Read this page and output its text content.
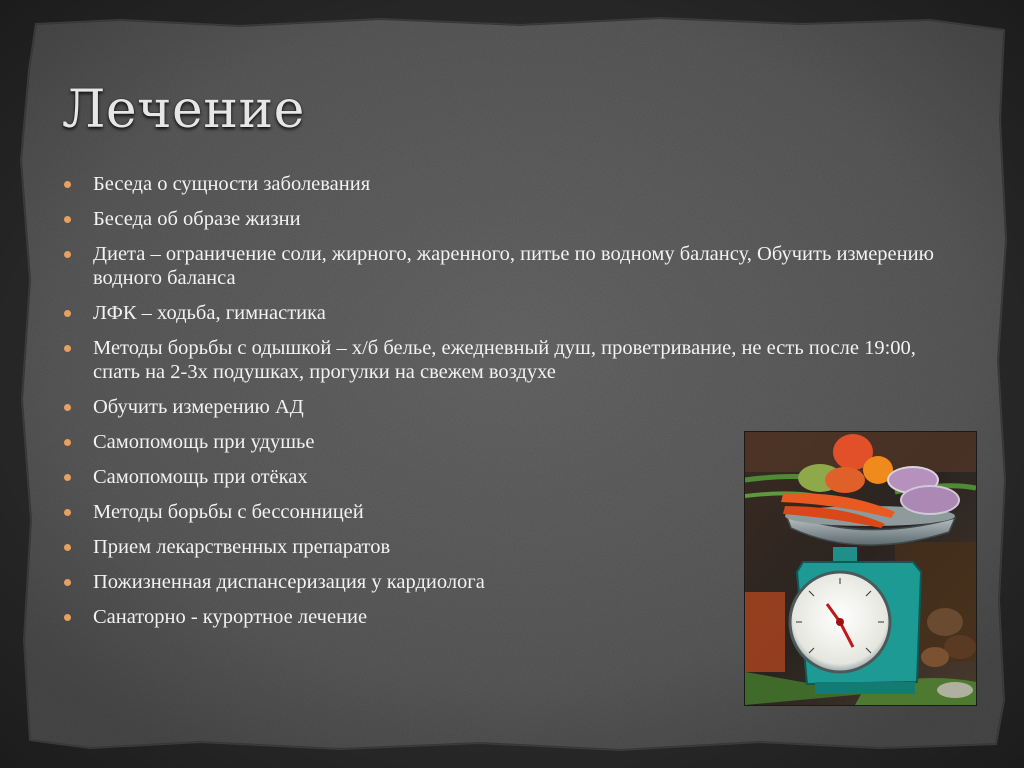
Лечение
Беседа о сущности заболевания
Беседа об образе жизни
Диета – ограничение соли, жирного, жаренного, питье по водному балансу, Обучить измерению водного баланса
ЛФК – ходьба, гимнастика
Методы борьбы с одышкой – х/б белье, ежедневный душ, проветривание, не есть после 19:00, спать на 2-3х подушках, прогулки на свежем воздухе
Обучить измерению АД
Самопомощь при удушье
Самопомощь при отёках
Методы борьбы с бессонницей
Прием лекарственных препаратов
Пожизненная диспансеризация у кардиолога
Санаторно - курортное лечение
